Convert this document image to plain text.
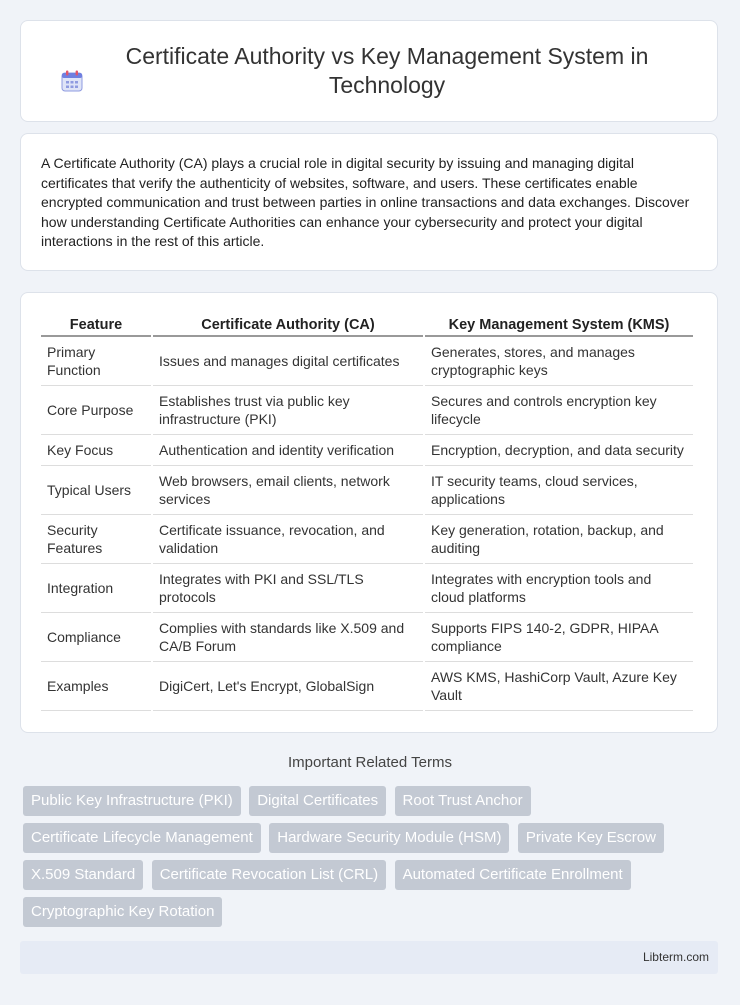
Certificate Authority vs Key Management System in Technology

A Certificate Authority (CA) plays a crucial role in digital security by issuing and managing digital certificates that verify the authenticity of websites, software, and users. These certificates enable encrypted communication and trust between parties in online transactions and data exchanges. Discover how understanding Certificate Authorities can enhance your cybersecurity and protect your digital interactions in the rest of this article.

Feature	Certificate Authority (CA)	Key Management System (KMS)
Primary Function	Issues and manages digital certificates	Generates, stores, and manages cryptographic keys
Core Purpose	Establishes trust via public key infrastructure (PKI)	Secures and controls encryption key lifecycle
Key Focus	Authentication and identity verification	Encryption, decryption, and data security
Typical Users	Web browsers, email clients, network services	IT security teams, cloud services, applications
Security Features	Certificate issuance, revocation, and validation	Key generation, rotation, backup, and auditing
Integration	Integrates with PKI and SSL/TLS protocols	Integrates with encryption tools and cloud platforms
Compliance	Complies with standards like X.509 and CA/B Forum	Supports FIPS 140-2, GDPR, HIPAA compliance
Examples	DigiCert, Let's Encrypt, GlobalSign	AWS KMS, HashiCorp Vault, Azure Key Vault
Important Related Terms
Public Key Infrastructure (PKI) Digital Certificates Root Trust Anchor Certificate Lifecycle Management Hardware Security Module (HSM) Private Key Escrow X.509 Standard Certificate Revocation List (CRL) Automated Certificate Enrollment Cryptographic Key Rotation
Libterm.com
